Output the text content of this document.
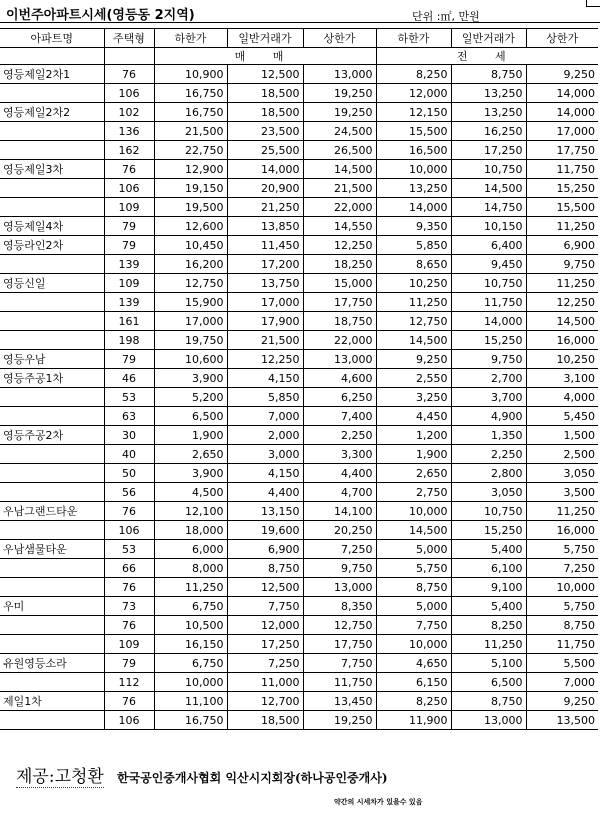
이번주아파트시세(영등동 2지역)	단위 :㎡, 만원
아파트명	주택형	하한가	일반거래가	상한가	하한가	일반거래가	상한가
		매 매			전 세		
영등제일2차1	76	10,900	12,500	13,000	8,250	8,750	9,250
	106	16,750	18,500	19,250	12,000	13,250	14,000
영등제일2차2	102	16,750	18,500	19,250	12,150	13,250	14,000
	136	21,500	23,500	24,500	15,500	16,250	17,000
	162	22,750	25,500	26,500	16,500	17,250	17,750
영등제일3차	76	12,900	14,000	14,500	10,000	10,750	11,750
	106	19,150	20,900	21,500	13,250	14,500	15,250
	109	19,500	21,250	22,000	14,000	14,750	15,500
영등제일4차	79	12,600	13,850	14,550	9,350	10,150	11,250
영등라인2차	79	10,450	11,450	12,250	5,850	6,400	6,900
	139	16,200	17,200	18,250	8,650	9,450	9,750
영등신일	109	12,750	13,750	15,000	10,250	10,750	11,250
	139	15,900	17,000	17,750	11,250	11,750	12,250
	161	17,000	17,900	18,750	12,750	14,000	14,500
	198	19,750	21,500	22,000	14,500	15,250	16,000
영등우남	79	10,600	12,250	13,000	9,250	9,750	10,250
영등주공1차	46	3,900	4,150	4,600	2,550	2,700	3,100
	53	5,200	5,850	6,250	3,250	3,700	4,000
	63	6,500	7,000	7,400	4,450	4,900	5,450
영등주공2차	30	1,900	2,000	2,250	1,200	1,350	1,500
	40	2,650	3,000	3,300	1,900	2,250	2,500
	50	3,900	4,150	4,400	2,650	2,800	3,050
	56	4,500	4,400	4,700	2,750	3,050	3,500
우남그랜드타운	76	12,100	13,150	14,100	10,000	10,750	11,250
	106	18,000	19,600	20,250	14,500	15,250	16,000
우남샘물타운	53	6,000	6,900	7,250	5,000	5,400	5,750
	66	8,000	8,750	9,750	5,750	6,100	7,250
	76	11,250	12,500	13,000	8,750	9,100	10,000
우미	73	6,750	7,750	8,350	5,000	5,400	5,750
	76	10,500	12,000	12,750	7,750	8,250	8,750
	109	16,150	17,250	17,750	10,000	11,250	11,750
유원영등소라	79	6,750	7,250	7,750	4,650	5,100	5,500
	112	10,000	11,000	11,750	6,150	6,500	7,000
제일1차	76	11,100	12,700	13,450	8,250	8,750	9,250
	106	16,750	18,500	19,250	11,900	13,000	13,500
제공:고청환 한국공인중개사협회 익산시지회장(하나공인중개사)
약간의 시세차가 있을수 있음
